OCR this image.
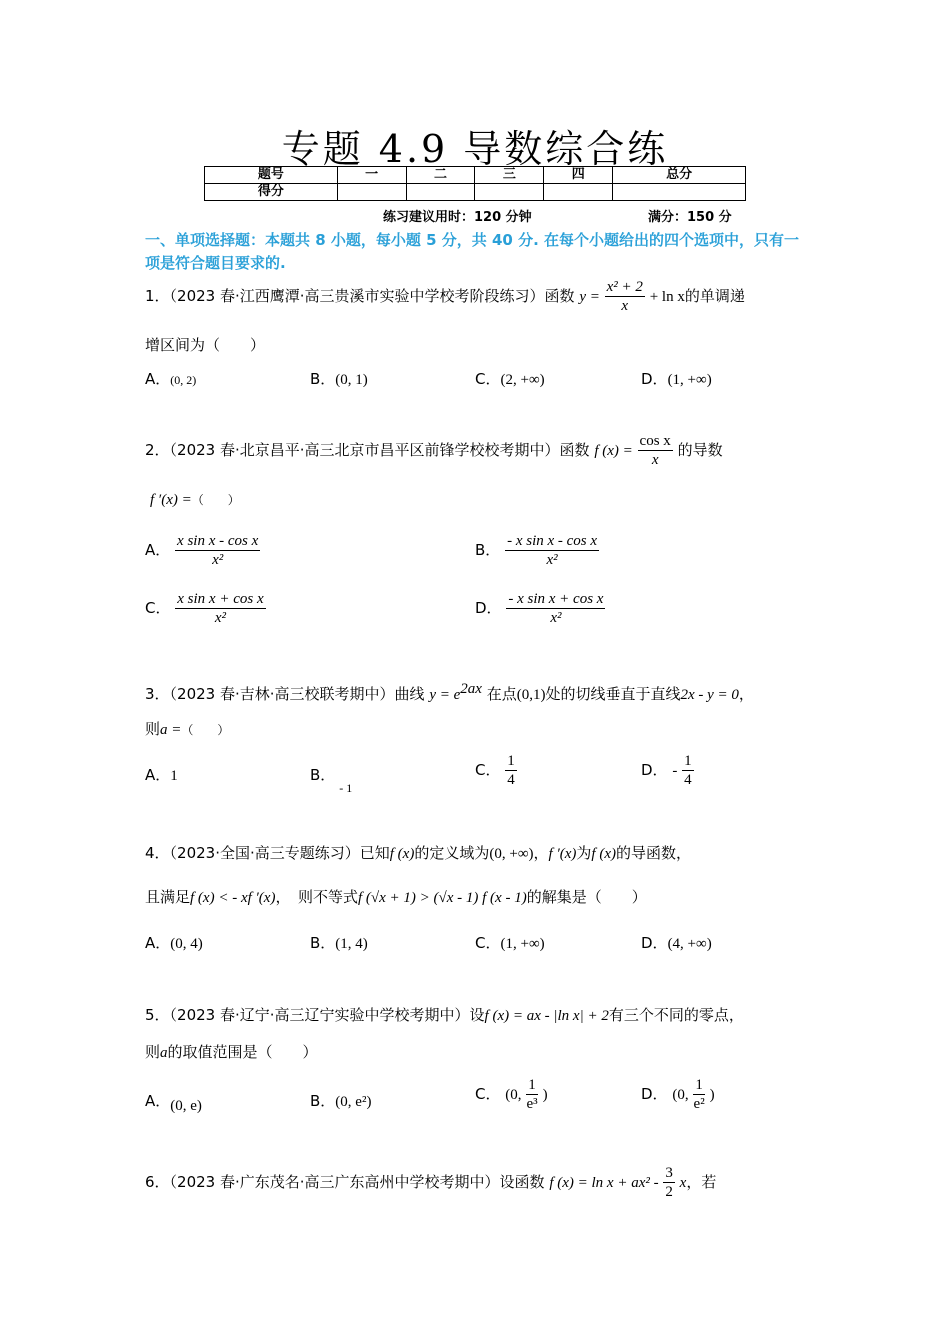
专题 4.9 导数综合练
题号	一	二	三	四	总分
得分					
练习建议用时：120 分钟	满分：150 分
一、单项选择题：本题共 8 小题，每小题 5 分，共 40 分. 在每个小题给出的四个选项中，只有一项是符合题目要求的.
1．（2023 春·江西鹰潭·高三贵溪市实验中学校考阶段练习）函数 $y = \frac{\text{x² + 2}}{x} + \ln x$的单调递
增区间为（　　）
A．(0, 2)	B．(0, 1)	C．(2, +∞)	D．(1, +∞)
2．（2023 春·北京昌平·高三北京市昌平区前锋学校校考期中）函数 f $(x) = \frac{\text{cos x}}{x}$ 的导数
f ′(x) =（　　）
A． $\frac{\text{x sin x - cos x}}{\text{x²}}$	B． $\frac{\text{- x sin x - cos x}}{\text{x²}}$
C． $\frac{\text{x sin x + cos x}}{\text{x²}}$	D． $\frac{\text{- x sin x + cos x}}{\text{x²}}$
3．（2023 春·吉林·高三校联考期中）曲线 $y = e^{2ax}$ 在点(0,1)处的切线垂直于直线2x - y = 0，
则a =（　　）
A．1	B．$_{- 1}$
C． $\frac{1}{4}$	D． - $\frac{1}{4}$
4．（2023·全国·高三专题练习）已知f (x)的定义域为(0, +∞)，f ′(x)为f (x)的导函数，
且满足f (x) < - xf ′(x)，　则不等式f (√x + 1) > (√x - 1) f (x - 1)的解集是（　　）
A．(0, 4)	B．(1, 4)	C．(1, +∞)	D．(4, +∞)
5．（2023 春·辽宁·高三辽宁实验中学校考期中）设f (x) = ax - |ln x| + 2有三个不同的零点，
则a的取值范围是（　　）
A．(0, e)	B．(0, e²)	C． (0, $\frac{1}{\text{e³}}$ )	D． (0, $\frac{1}{\text{e²}}$ )
6．（2023 春·广东茂名·高三广东高州中学校考期中）设函数 f $(x) = \ln x + ax^2 - \frac{3}{2}$ x，若
